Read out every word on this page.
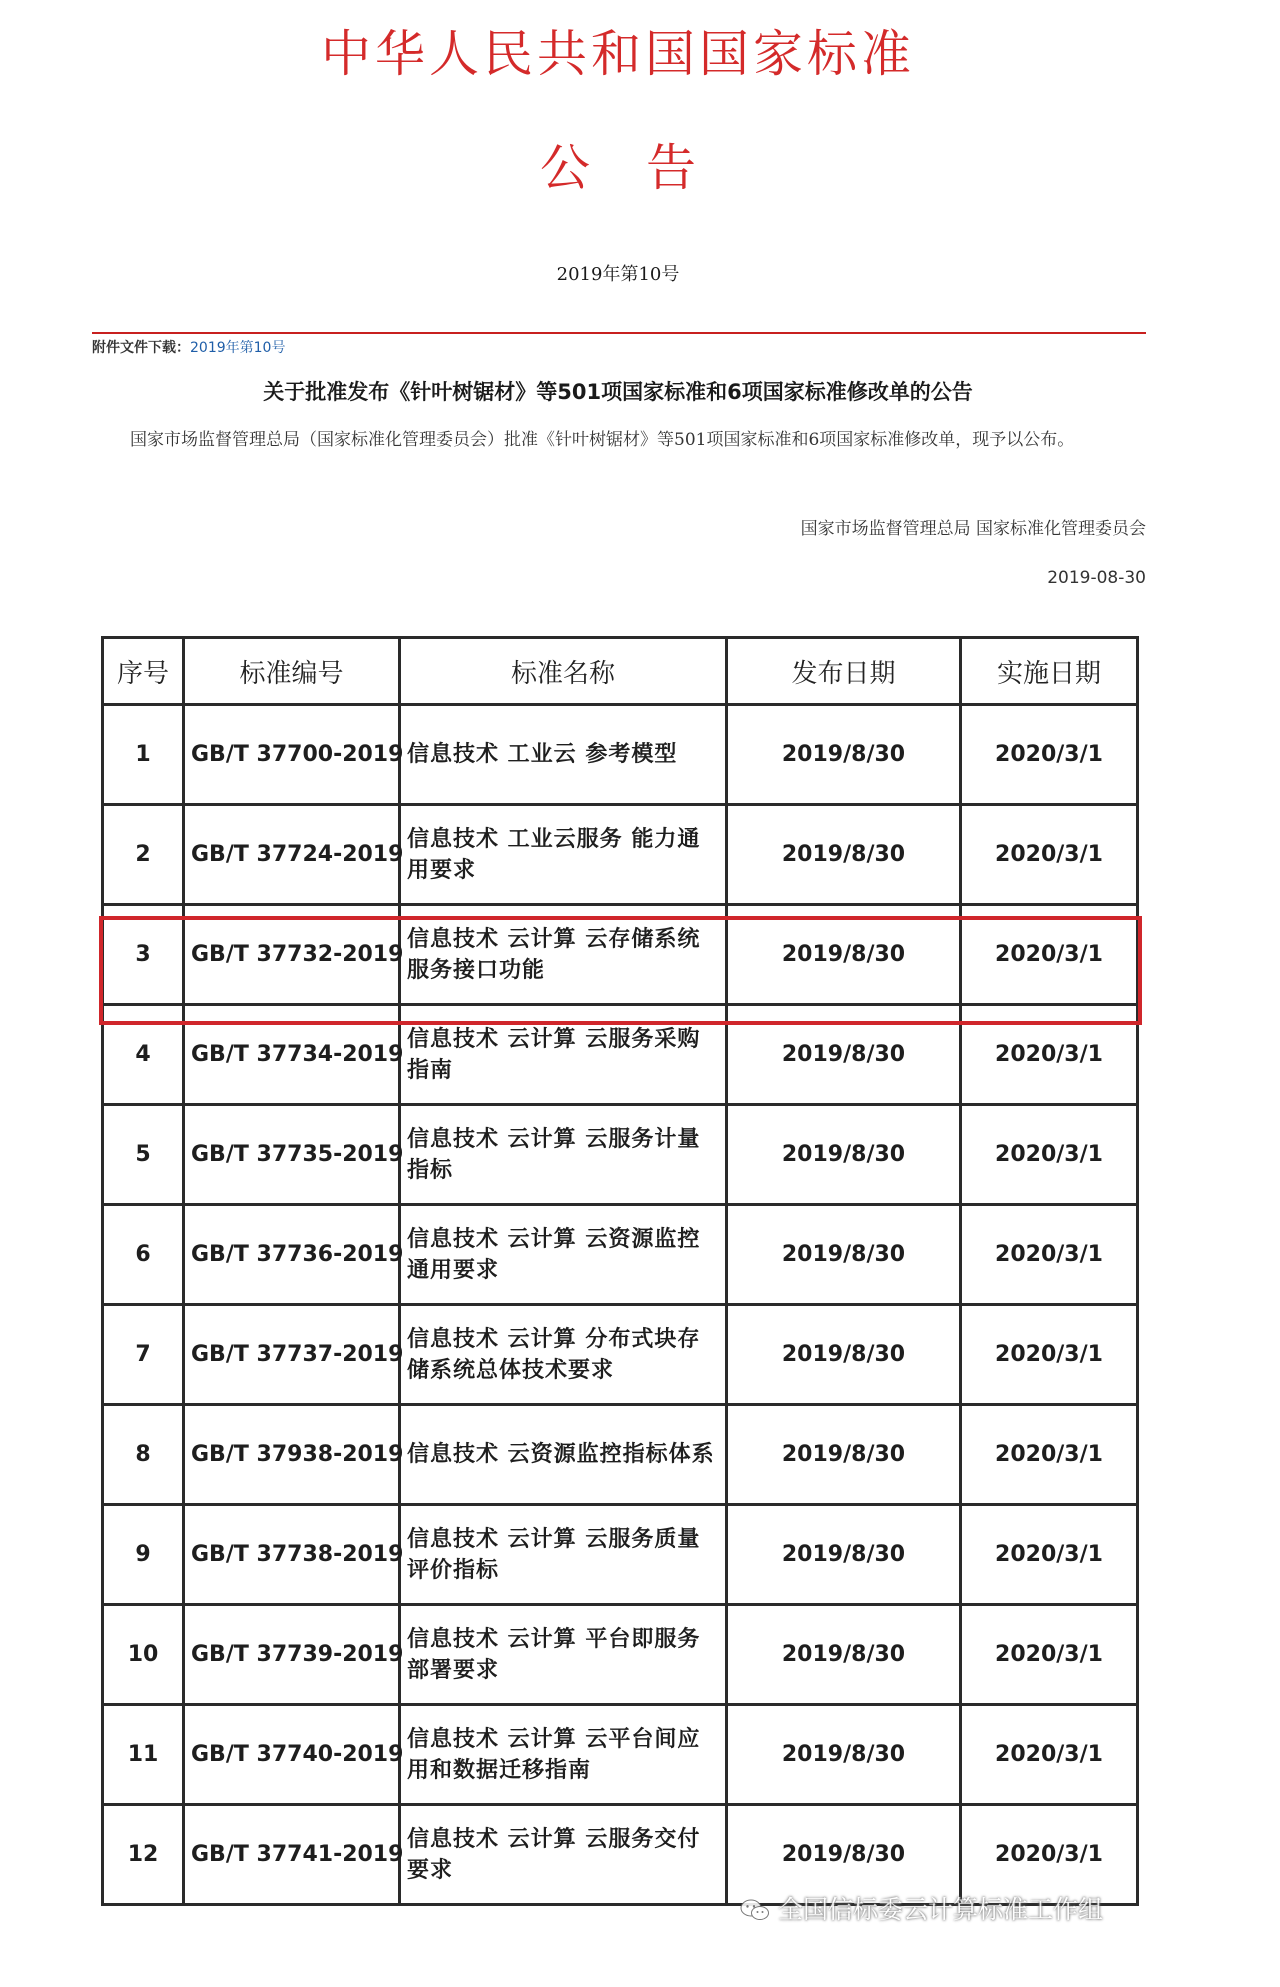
中华人民共和国国家标准
公告
2019年第10号
附件文件下载：2019年第10号
关于批准发布《针叶树锯材》等501项国家标准和6项国家标准修改单的公告

国家市场监督管理总局（国家标准化管理委员会）批准《针叶树锯材》等501项国家标准和6项国家标准修改单，现予以公布。

国家市场监督管理总局 国家标准化管理委员会
2019-08-30
序号	标准编号	标准名称	发布日期	实施日期
1	GB/T 37700-2019	信息技术 工业云 参考模型	2019/8/30	2020/3/1
2	GB/T 37724-2019	信息技术 工业云服务 能力通用要求	2019/8/30	2020/3/1
3	GB/T 37732-2019	信息技术 云计算 云存储系统服务接口功能	2019/8/30	2020/3/1
4	GB/T 37734-2019	信息技术 云计算 云服务采购指南	2019/8/30	2020/3/1
5	GB/T 37735-2019	信息技术 云计算 云服务计量指标	2019/8/30	2020/3/1
6	GB/T 37736-2019	信息技术 云计算 云资源监控通用要求	2019/8/30	2020/3/1
7	GB/T 37737-2019	信息技术 云计算 分布式块存储系统总体技术要求	2019/8/30	2020/3/1
8	GB/T 37938-2019	信息技术 云资源监控指标体系	2019/8/30	2020/3/1
9	GB/T 37738-2019	信息技术 云计算 云服务质量评价指标	2019/8/30	2020/3/1
10	GB/T 37739-2019	信息技术 云计算 平台即服务部署要求	2019/8/30	2020/3/1
11	GB/T 37740-2019	信息技术 云计算 云平台间应用和数据迁移指南	2019/8/30	2020/3/1
12	GB/T 37741-2019	信息技术 云计算 云服务交付要求	2019/8/30	2020/3/1
全国信标委云计算标准工作组
